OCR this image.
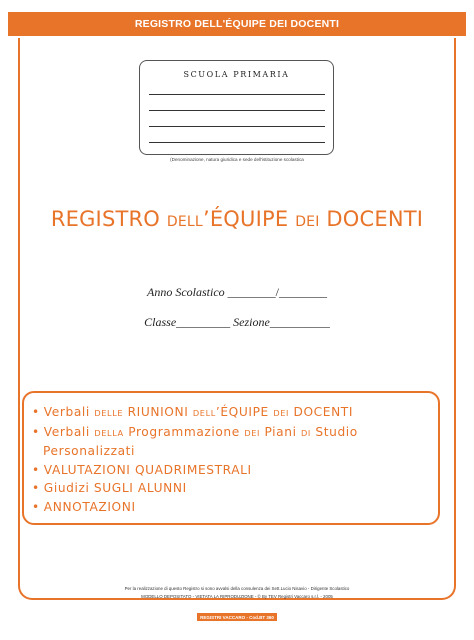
REGISTRO DELL'ÉQUIPE DEI DOCENTI
SCUOLA PRIMARIA
(Denominazione, natura giuridica e sede dell'istituzione scolastica
REGISTRO DELL’ÉQUIPE DEI DOCENTI
Anno Scolastico ________/________
Classe_________ Sezione__________
• Verbali DELLE RIUNIONI DELL’ÉQUIPE DEI DOCENTI
• Verbali DELLA Programmazione DEI Piani DI Studio
Personalizzati
• VALUTAZIONI QUADRIMESTRALI
• Giudizi SUGLI ALUNNI
• ANNOTAZIONI
Per la realizzazione di questo Registro si sono avvalsi della consulenza dei Sett.Lucio Nisavio - Dirigente Scolastico
MODELLO DEPOSITATO - VIETATA LA RIPRODUZIONE - © By TEV Registri Vaccaro s.r.l. - 2005
REGISTRI VACCARO - Cod.BT 360
